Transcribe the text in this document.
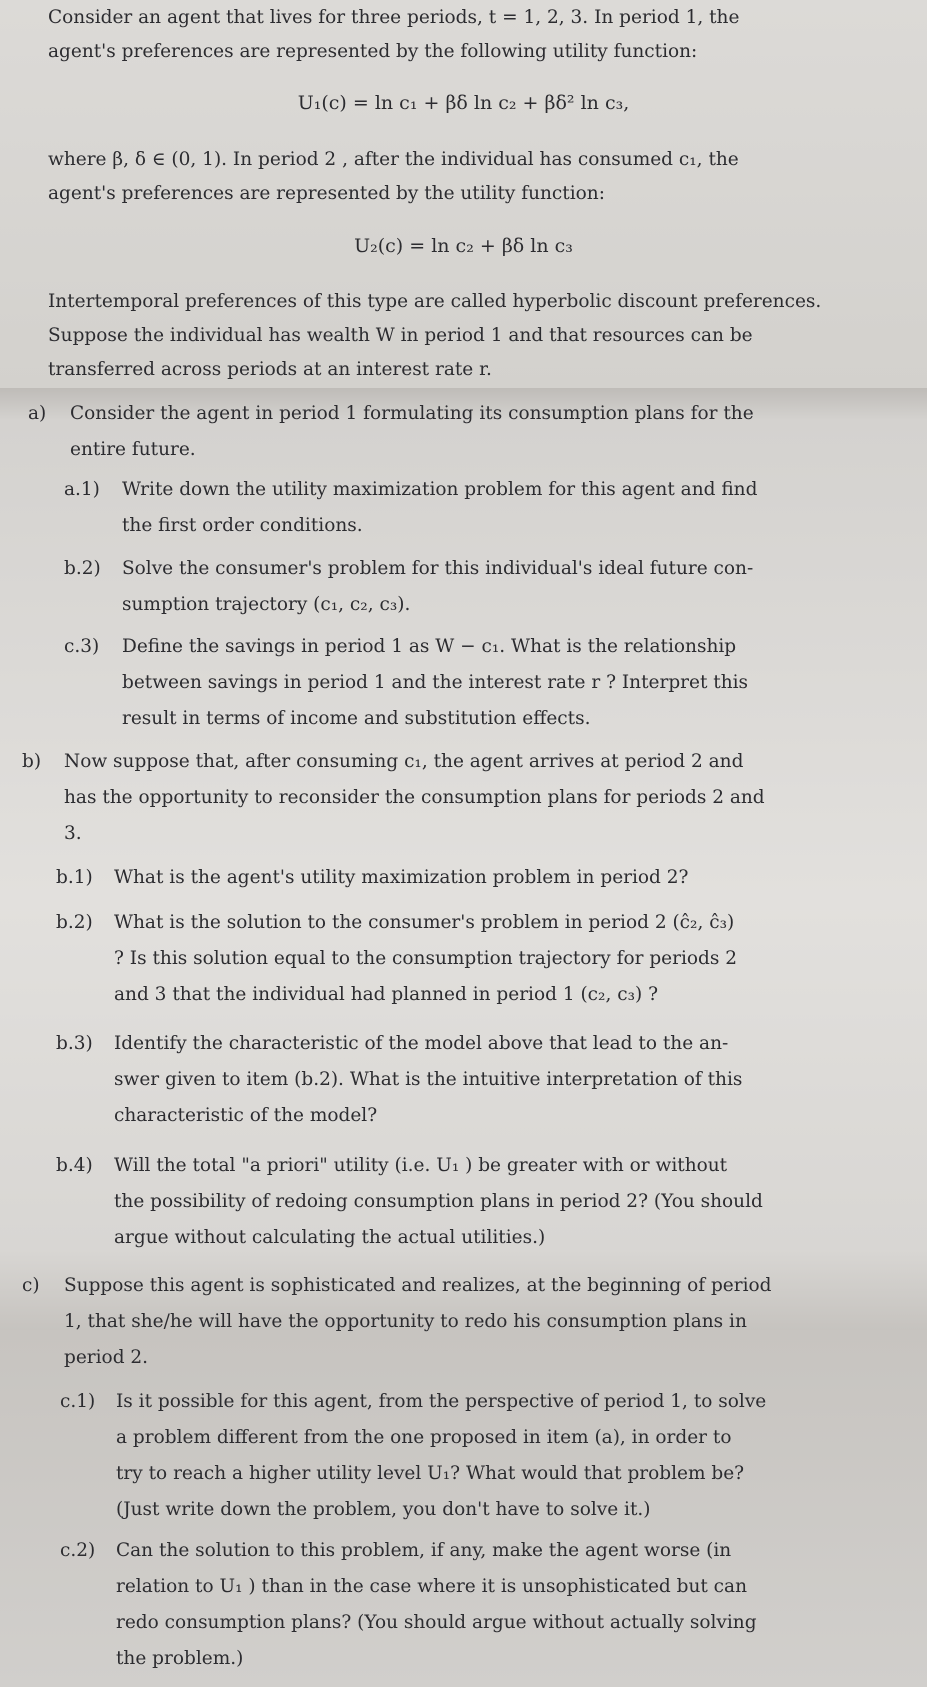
Consider an agent that lives for three periods, t = 1, 2, 3. In period 1, the
agent's preferences are represented by the following utility function:
U₁(c) = ln c₁ + βδ ln c₂ + βδ² ln c₃,
where β, δ ∈ (0, 1). In period 2 , after the individual has consumed c₁, the
agent's preferences are represented by the utility function:
U₂(c) = ln c₂ + βδ ln c₃
Intertemporal preferences of this type are called hyperbolic discount preferences.
Suppose the individual has wealth W in period 1 and that resources can be
transferred across periods at an interest rate r.
a) Consider the agent in period 1 formulating its consumption plans for the
entire future.
a.1) Write down the utility maximization problem for this agent and find
the first order conditions.
b.2) Solve the consumer's problem for this individual's ideal future con-
sumption trajectory (c₁, c₂, c₃).
c.3) Define the savings in period 1 as W − c₁. What is the relationship
between savings in period 1 and the interest rate r ? Interpret this
result in terms of income and substitution effects.
b) Now suppose that, after consuming c₁, the agent arrives at period 2 and
has the opportunity to reconsider the consumption plans for periods 2 and
3.
b.1) What is the agent's utility maximization problem in period 2?
b.2) What is the solution to the consumer's problem in period 2 (ĉ₂, ĉ₃)
? Is this solution equal to the consumption trajectory for periods 2
and 3 that the individual had planned in period 1 (c₂, c₃) ?
b.3) Identify the characteristic of the model above that lead to the an-
swer given to item (b.2). What is the intuitive interpretation of this
characteristic of the model?
b.4) Will the total "a priori" utility (i.e. U₁ ) be greater with or without
the possibility of redoing consumption plans in period 2? (You should
argue without calculating the actual utilities.)
c) Suppose this agent is sophisticated and realizes, at the beginning of period
1, that she/he will have the opportunity to redo his consumption plans in
period 2.
c.1) Is it possible for this agent, from the perspective of period 1, to solve
a problem different from the one proposed in item (a), in order to
try to reach a higher utility level U₁? What would that problem be?
(Just write down the problem, you don't have to solve it.)
c.2) Can the solution to this problem, if any, make the agent worse (in
relation to U₁ ) than in the case where it is unsophisticated but can
redo consumption plans? (You should argue without actually solving
the problem.)
